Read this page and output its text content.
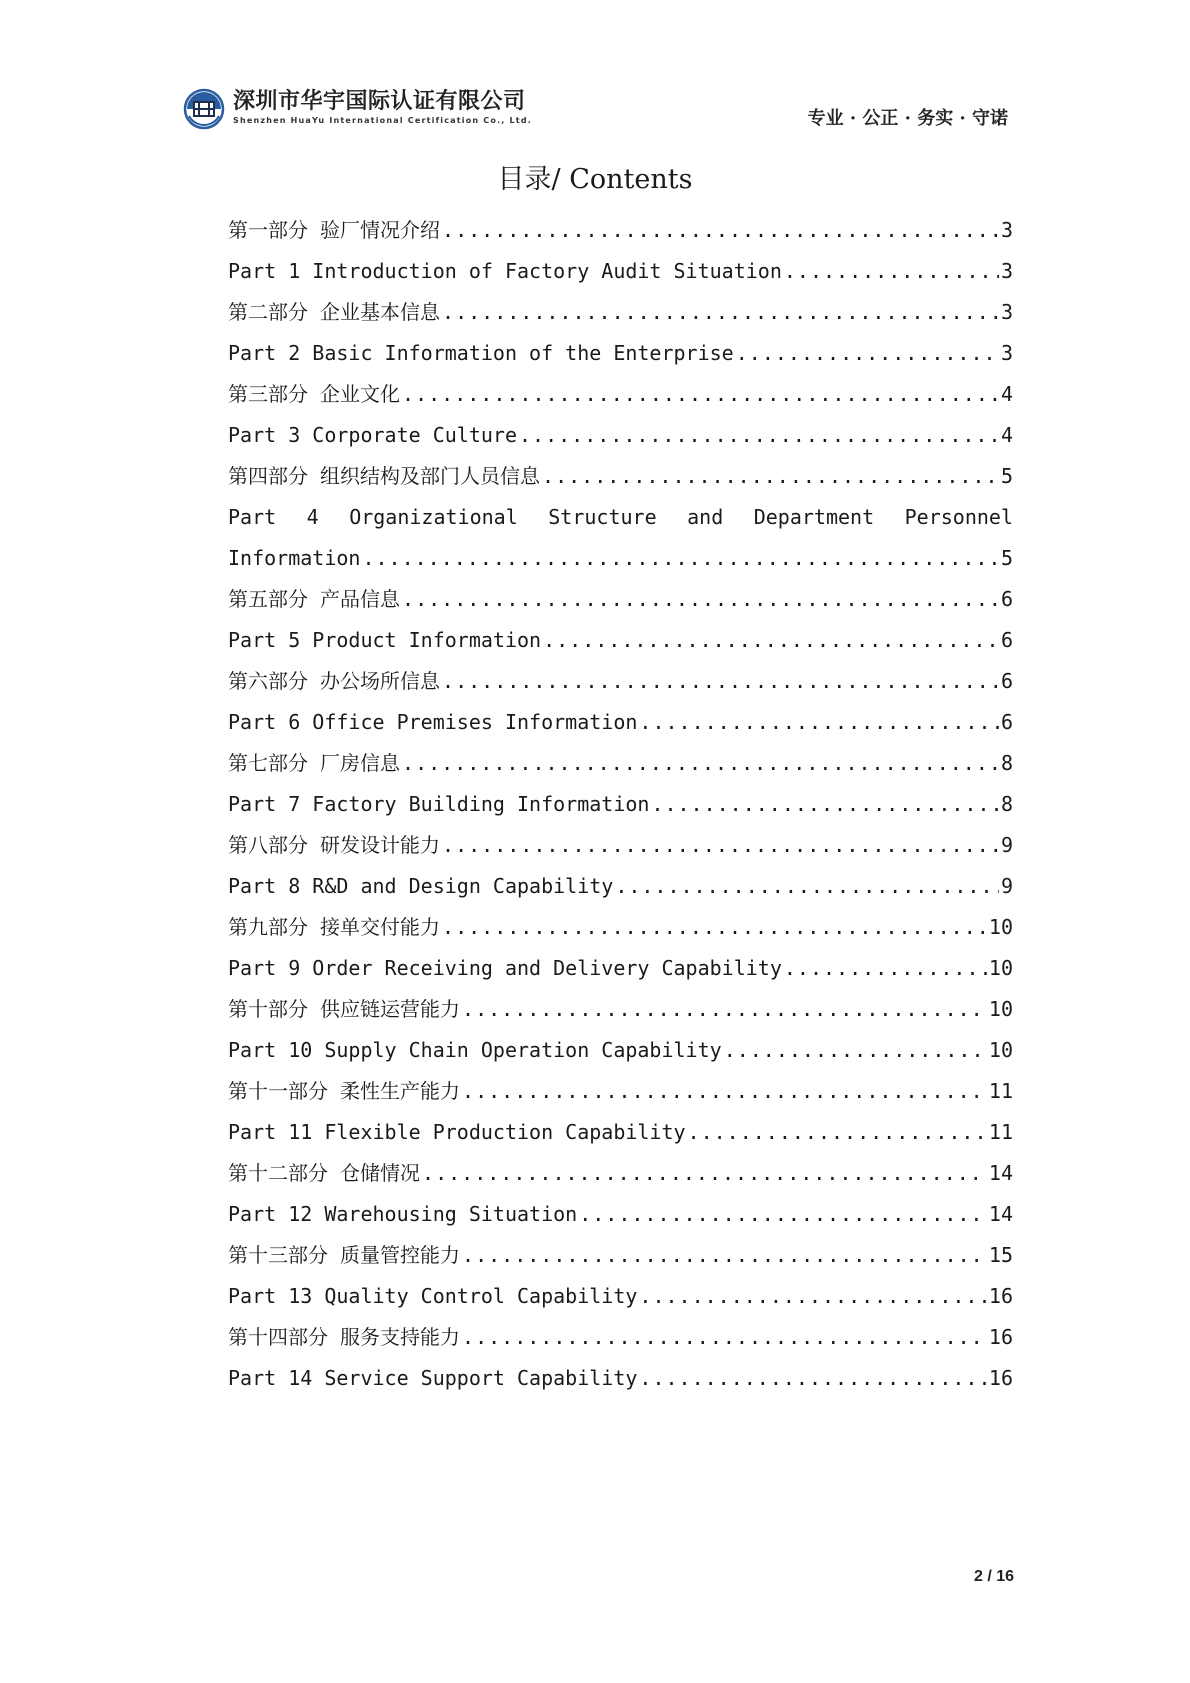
深圳市华宇国际认证有限公司
Shenzhen HuaYu International Certification Co., Ltd.	专业 · 公正 · 务实 · 守诺
目录/ Contents
第一部分 验厂情况介绍 .....	3
Part 1 Introduction of Factory Audit Situation .....	3
第二部分 企业基本信息 .....	3
Part 2 Basic Information of the Enterprise .....	3
第三部分 企业文化 .....	4
Part 3 Corporate Culture .....	4
第四部分 组织结构及部门人员信息 .....	5
Part 4 Organizational Structure and Department Personnel
Information .....	5
第五部分 产品信息 .....	6
Part 5 Product Information .....	6
第六部分 办公场所信息 .....	6
Part 6 Office Premises Information .....	6
第七部分 厂房信息 .....	8
Part 7 Factory Building Information .....	8
第八部分 研发设计能力 .....	9
Part 8 R&D and Design Capability .....	9
第九部分 接单交付能力 .....	10
Part 9 Order Receiving and Delivery Capability .....	10
第十部分 供应链运营能力 .....	10
Part 10 Supply Chain Operation Capability .....	10
第十一部分 柔性生产能力 .....	11
Part 11 Flexible Production Capability .....	11
第十二部分 仓储情况 .....	14
Part 12 Warehousing Situation .....	14
第十三部分 质量管控能力 .....	15
Part 13 Quality Control Capability .....	16
第十四部分 服务支持能力 .....	16
Part 14 Service Support Capability .....	16
2 / 16
